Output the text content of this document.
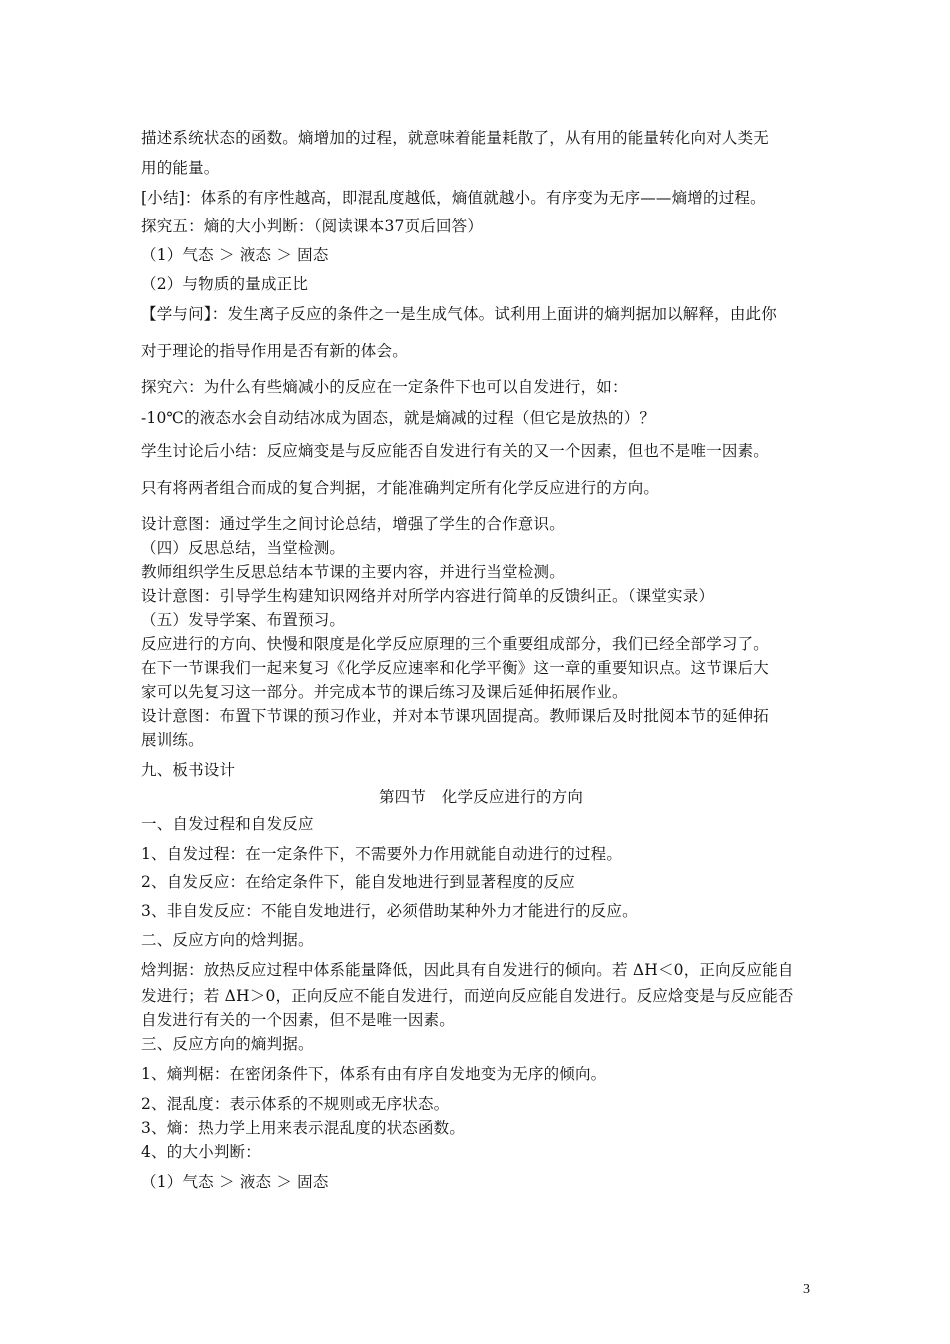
描述系统状态的函数。熵增加的过程，就意味着能量耗散了，从有用的能量转化向对人类无
用的能量。
[小结]：体系的有序性越高，即混乱度越低，熵值就越小。有序变为无序——熵增的过程。
探究五：熵的大小判断：（阅读课本37页后回答）
（1）气态 ＞ 液态 ＞ 固态
（2）与物质的量成正比
【学与问】：发生离子反应的条件之一是生成气体。试利用上面讲的熵判据加以解释，由此你
对于理论的指导作用是否有新的体会。
探究六：为什么有些熵减小的反应在一定条件下也可以自发进行，如：
-10℃的液态水会自动结冰成为固态，就是熵减的过程（但它是放热的）？
学生讨论后小结：反应熵变是与反应能否自发进行有关的又一个因素，但也不是唯一因素。
只有将两者组合而成的复合判据，才能准确判定所有化学反应进行的方向。
设计意图：通过学生之间讨论总结，增强了学生的合作意识。
（四）反思总结，当堂检测。
教师组织学生反思总结本节课的主要内容，并进行当堂检测。
设计意图：引导学生构建知识网络并对所学内容进行简单的反馈纠正。（课堂实录）
（五）发导学案、布置预习。
反应进行的方向、快慢和限度是化学反应原理的三个重要组成部分，我们已经全部学习了。
在下一节课我们一起来复习《化学反应速率和化学平衡》这一章的重要知识点。这节课后大
家可以先复习这一部分。并完成本节的课后练习及课后延伸拓展作业。
设计意图：布置下节课的预习作业，并对本节课巩固提高。教师课后及时批阅本节的延伸拓
展训练。
九、板书设计
第四节　化学反应进行的方向
一、自发过程和自发反应
1、自发过程：在一定条件下，不需要外力作用就能自动进行的过程。
2、自发反应：在给定条件下，能自发地进行到显著程度的反应
3、非自发反应：不能自发地进行，必须借助某种外力才能进行的反应。
二、反应方向的焓判据。
焓判据：放热反应过程中体系能量降低，因此具有自发进行的倾向。若 ΔH＜0，正向反应能自
发进行；若 ΔH＞0，正向反应不能自发进行，而逆向反应能自发进行。反应焓变是与反应能否
自发进行有关的一个因素，但不是唯一因素。
三、反应方向的熵判据。
1、熵判椐：在密闭条件下，体系有由有序自发地变为无序的倾向。
2、混乱度：表示体系的不规则或无序状态。
3、熵：热力学上用来表示混乱度的状态函数。
4、的大小判断：
（1）气态 ＞ 液态 ＞ 固态
3
